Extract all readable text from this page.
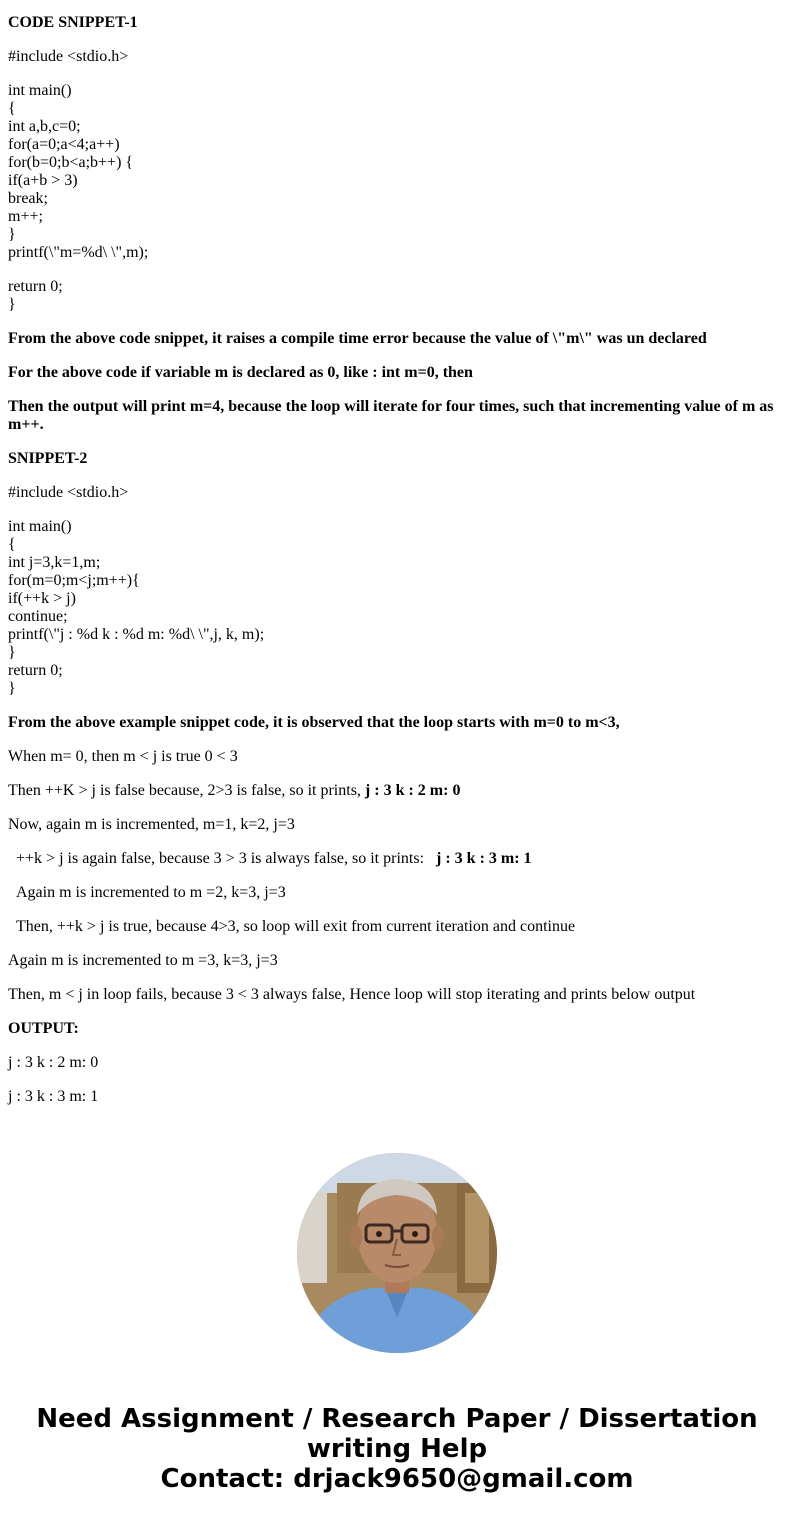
CODE SNIPPET-1
#include <stdio.h>
int main()
{
int a,b,c=0;
for(a=0;a<4;a++)
for(b=0;b<a;b++) {
if(a+b > 3)
break;
m++;
}
printf(\"m=%d\ \",m);
return 0;
}
From the above code snippet, it raises a compile time error because the value of \"m\" was un declared
For the above code if variable m is declared as 0, like : int m=0, then
Then the output will print m=4, because the loop will iterate for four times, such that incrementing value of m as m++.
SNIPPET-2
#include <stdio.h>
int main()
{
int j=3,k=1,m;
for(m=0;m<j;m++){
if(++k > j)
continue;
printf(\"j : %d k : %d m: %d\ \",j, k, m);
}
return 0;
}
From the above example snippet code, it is observed that the loop starts with m=0 to m<3,
When m= 0, then m < j is true 0 < 3
Then ++K > j is false because, 2>3 is false, so it prints, j : 3 k : 2 m: 0
Now, again m is incremented, m=1, k=2, j=3
++k > j is again false, because 3 > 3 is always false, so it prints:   j : 3 k : 3 m: 1
Again m is incremented to m =2, k=3, j=3
Then, ++k > j is true, because 4>3, so loop will exit from current iteration and continue
Again m is incremented to m =3, k=3, j=3
Then, m < j in loop fails, because 3 < 3 always false, Hence loop will stop iterating and prints below output
OUTPUT:
j : 3 k : 2 m: 0
j : 3 k : 3 m: 1
Need Assignment / Research Paper / Dissertation
writing Help
Contact: drjack9650@gmail.com
